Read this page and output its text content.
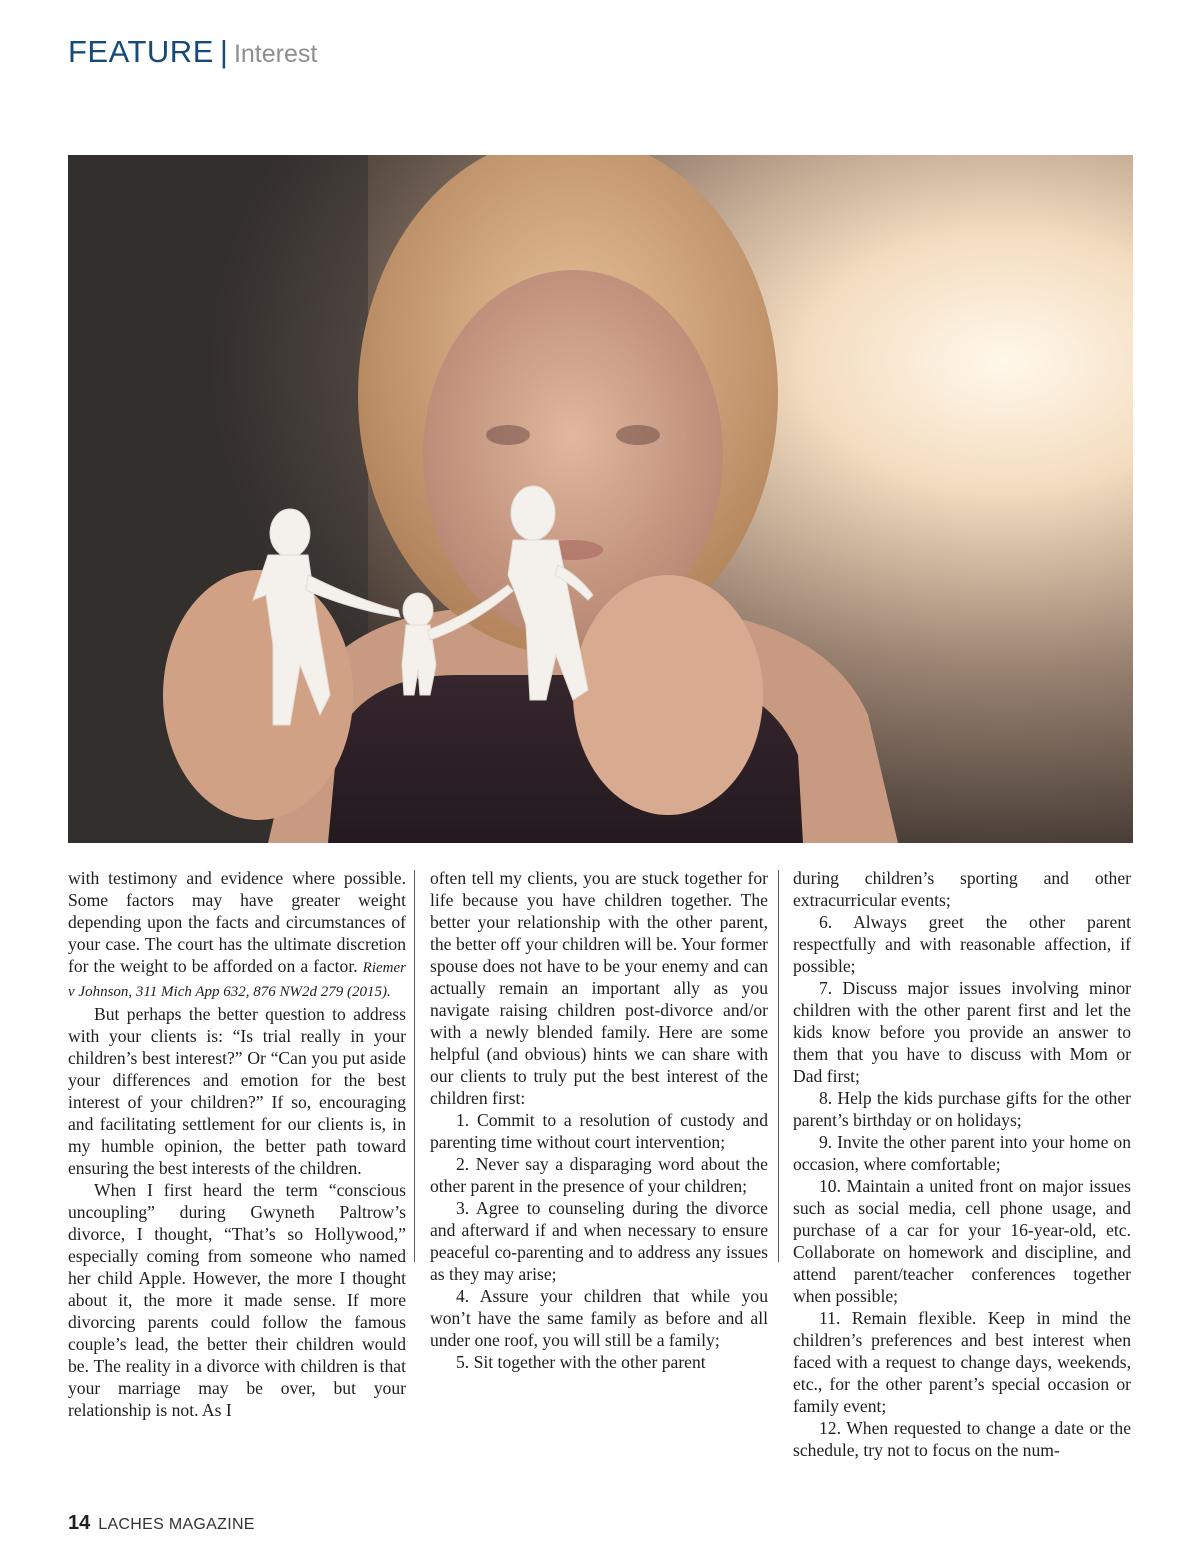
FEATURE | Interest

with testimony and evidence where possible. Some factors may have greater weight depending upon the facts and circumstances of your case. The court has the ultimate discretion for the weight to be afforded on a factor. Riemer v Johnson, 311 Mich App 632, 876 NW2d 279 (2015).

But perhaps the better question to address with your clients is: “Is trial really in your children’s best interest?” Or “Can you put aside your differences and emotion for the best interest of your children?” If so, encouraging and facilitating settlement for our clients is, in my humble opinion, the better path toward ensuring the best interests of the children.

When I first heard the term “conscious uncoupling” during Gwyneth Paltrow’s divorce, I thought, “That’s so Hollywood,” especially coming from someone who named her child Apple. However, the more I thought about it, the more it made sense. If more divorcing parents could follow the famous couple’s lead, the better their children would be. The reality in a divorce with children is that your marriage may be over, but your relationship is not. As I

often tell my clients, you are stuck together for life because you have children together. The better your relationship with the other parent, the better off your children will be. Your former spouse does not have to be your enemy and can actually remain an important ally as you navigate raising children post-divorce and/or with a newly blended family. Here are some helpful (and obvious) hints we can share with our clients to truly put the best interest of the children first:

1. Commit to a resolution of custody and parenting time without court intervention;

2. Never say a disparaging word about the other parent in the presence of your children;

3. Agree to counseling during the divorce and afterward if and when necessary to ensure peaceful co-parenting and to address any issues as they may arise;

4. Assure your children that while you won’t have the same family as before and all under one roof, you will still be a family;

5. Sit together with the other parent

during children’s sporting and other extracurricular events;

6. Always greet the other parent respectfully and with reasonable affection, if possible;

7. Discuss major issues involving minor children with the other parent first and let the kids know before you provide an answer to them that you have to discuss with Mom or Dad first;

8. Help the kids purchase gifts for the other parent’s birthday or on holidays;

9. Invite the other parent into your home on occasion, where comfortable;

10. Maintain a united front on major issues such as social media, cell phone usage, and purchase of a car for your 16-year-old, etc. Collaborate on homework and discipline, and attend parent/teacher conferences together when possible;

11. Remain flexible. Keep in mind the children’s preferences and best interest when faced with a request to change days, weekends, etc., for the other parent’s special occasion or family event;

12. When requested to change a date or the schedule, try not to focus on the num-

14 LACHES MAGAZINE
